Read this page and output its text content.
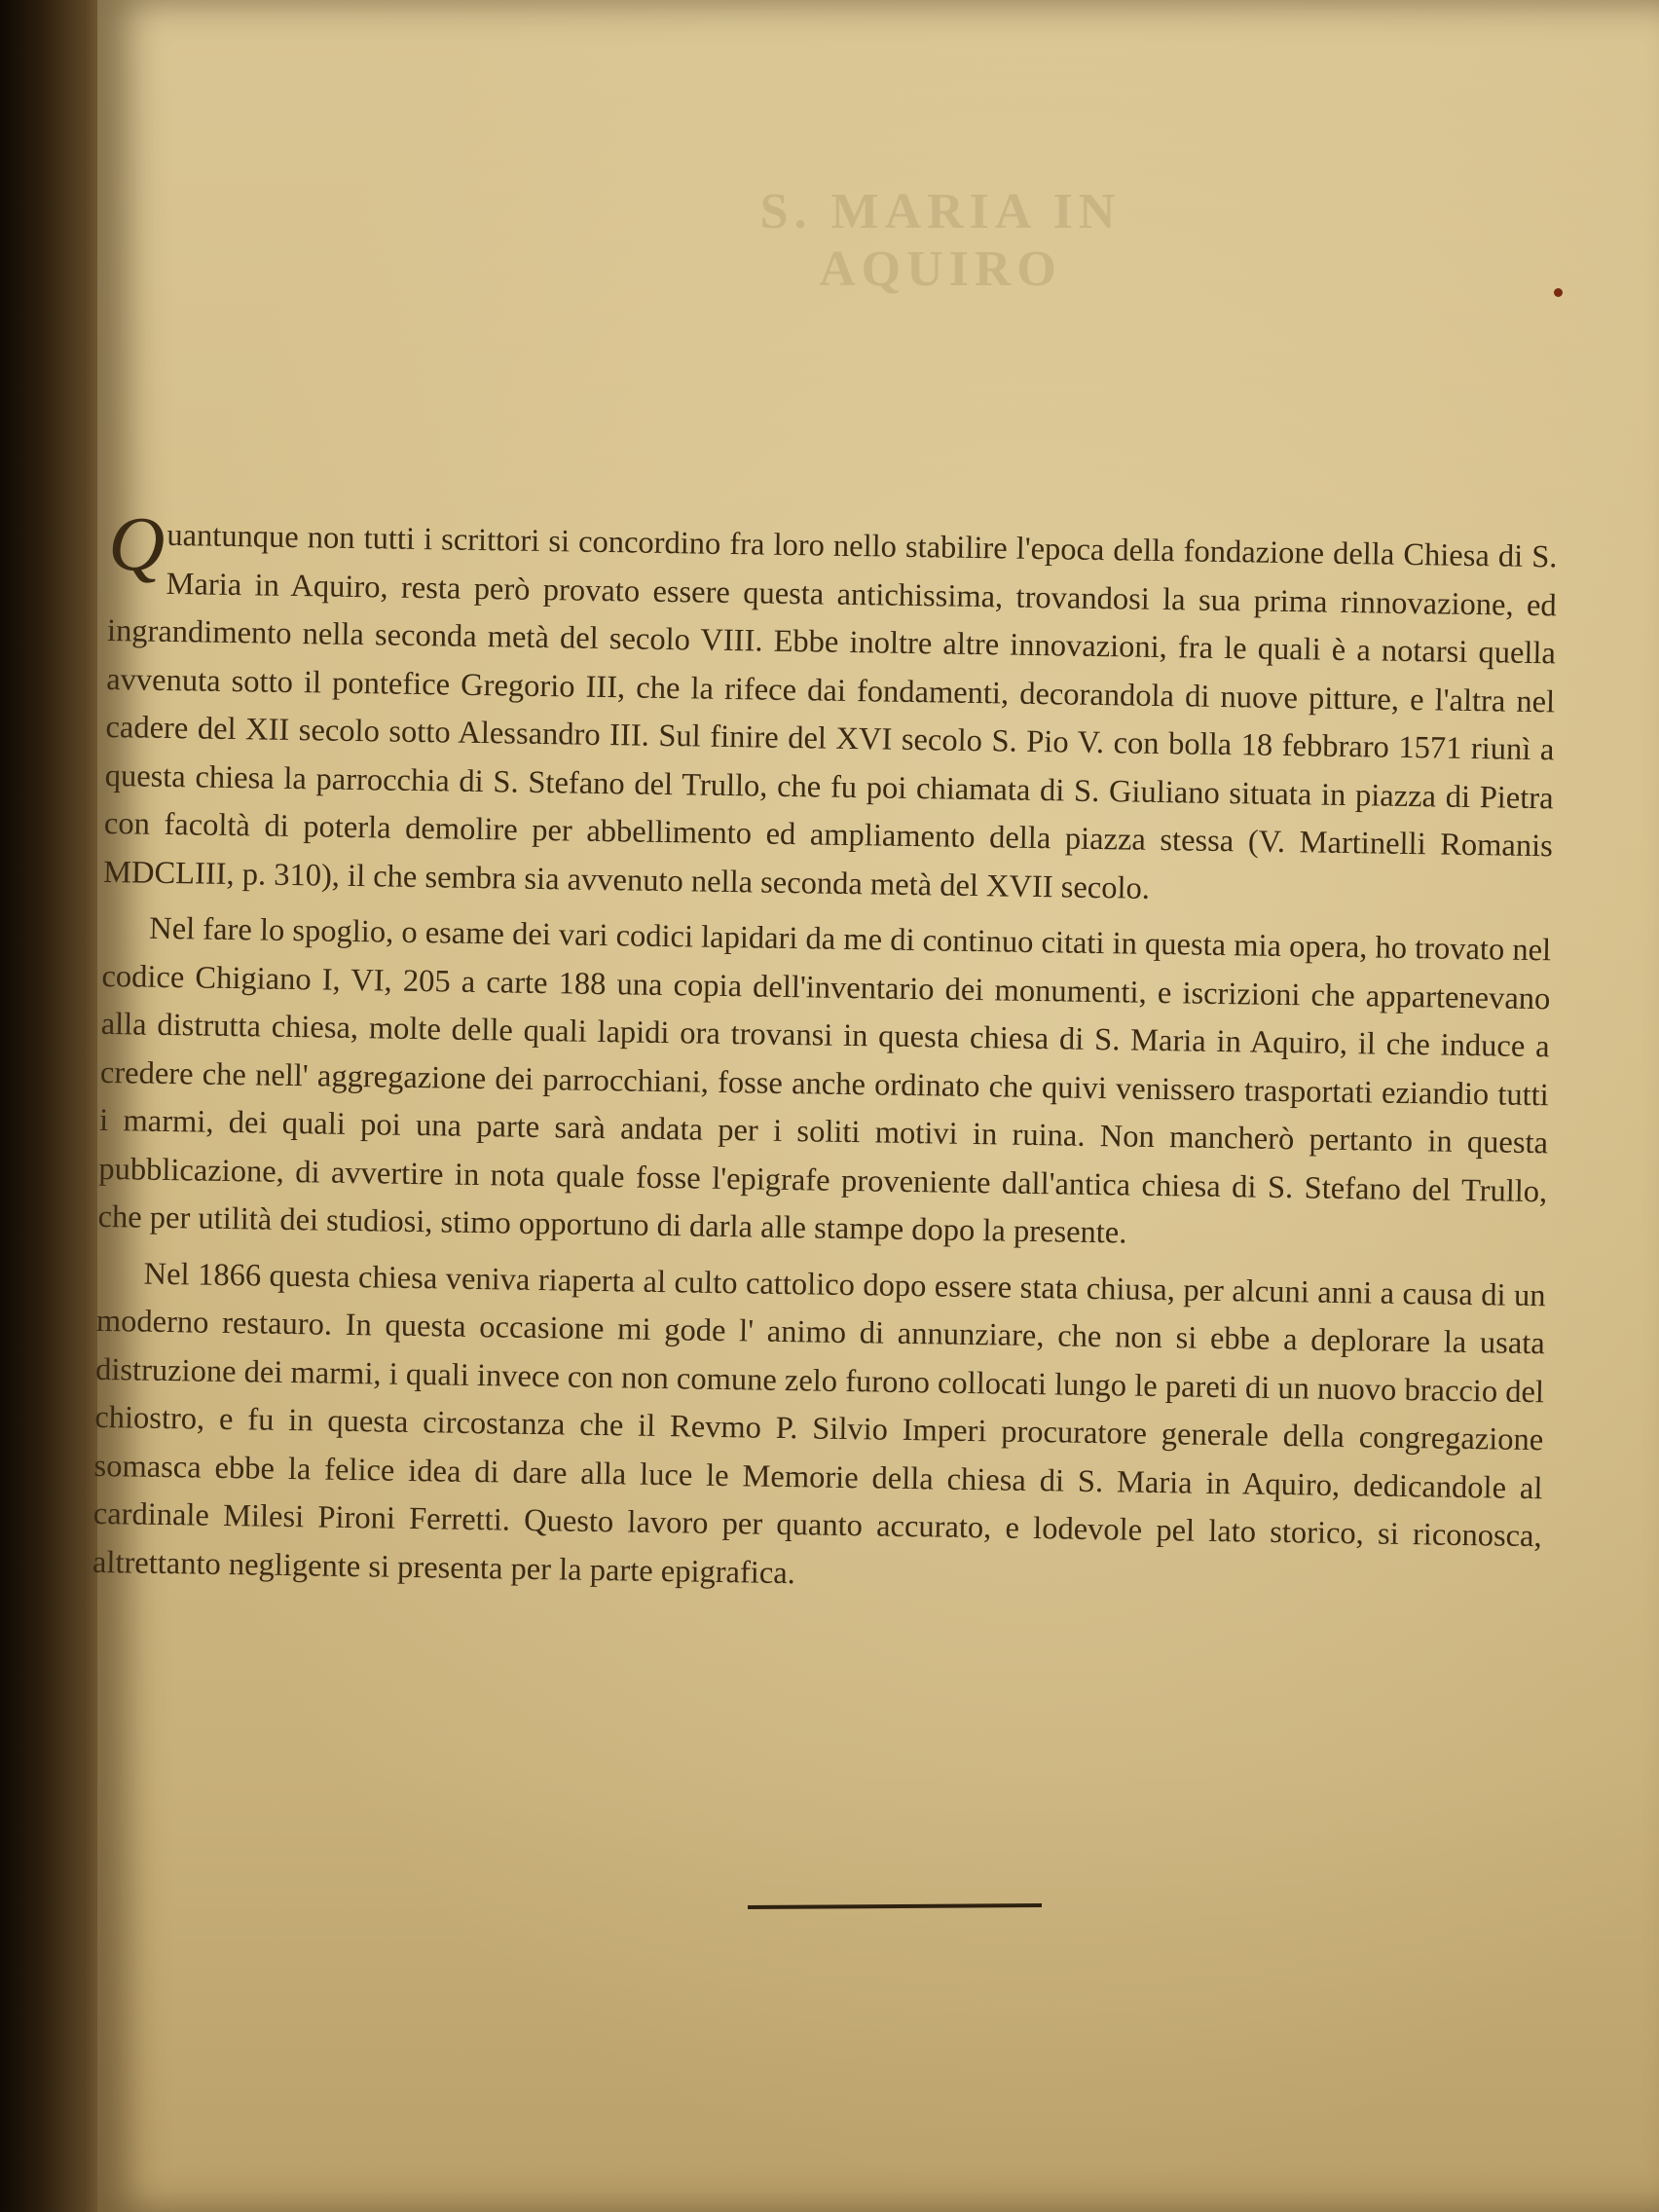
S. MARIA IN AQUIRO

Quantunque non tutti i scrittori si concordino fra loro nello stabilire l'epoca della fondazione della Chiesa di S. Maria in Aquiro, resta però provato essere questa antichissima, trovandosi la sua prima rinnovazione, ed ingrandimento nella seconda metà del secolo VIII. Ebbe inoltre altre innovazioni, fra le quali è a notarsi quella avvenuta sotto il pontefice Gregorio III, che la rifece dai fondamenti, decorandola di nuove pitture, e l'altra nel cadere del XII secolo sotto Alessandro III. Sul finire del XVI secolo S. Pio V. con bolla 18 febbraro 1571 riunì a questa chiesa la parrocchia di S. Stefano del Trullo, che fu poi chiamata di S. Giuliano situata in piazza di Pietra con facoltà di poterla demolire per abbellimento ed ampliamento della piazza stessa (V. Martinelli Romanis MDCLIII, p. 310), il che sembra sia avvenuto nella seconda metà del XVII secolo.

Nel fare lo spoglio, o esame dei vari codici lapidari da me di continuo citati in questa mia opera, ho trovato nel codice Chigiano I, VI, 205 a carte 188 una copia dell'inventario dei monumenti, e iscrizioni che appartenevano alla distrutta chiesa, molte delle quali lapidi ora trovansi in questa chiesa di S. Maria in Aquiro, il che induce a credere che nell' aggregazione dei parrocchiani, fosse anche ordinato che quivi venissero trasportati eziandio tutti i marmi, dei quali poi una parte sarà andata per i soliti motivi in ruina. Non mancherò pertanto in questa pubblicazione, di avvertire in nota quale fosse l'epigrafe proveniente dall'antica chiesa di S. Stefano del Trullo, che per utilità dei studiosi, stimo opportuno di darla alle stampe dopo la presente.

Nel 1866 questa chiesa veniva riaperta al culto cattolico dopo essere stata chiusa, per alcuni anni a causa di un moderno restauro. In questa occasione mi gode l' animo di annunziare, che non si ebbe a deplorare la usata distruzione dei marmi, i quali invece con non comune zelo furono collocati lungo le pareti di un nuovo braccio del chiostro, e fu in questa circostanza che il Revmo P. Silvio Imperi procuratore generale della congregazione somasca ebbe la felice idea di dare alla luce le Memorie della chiesa di S. Maria in Aquiro, dedicandole al cardinale Milesi Pironi Ferretti. Questo lavoro per quanto accurato, e lodevole pel lato storico, si riconosca, altrettanto negligente si presenta per la parte epigrafica.
